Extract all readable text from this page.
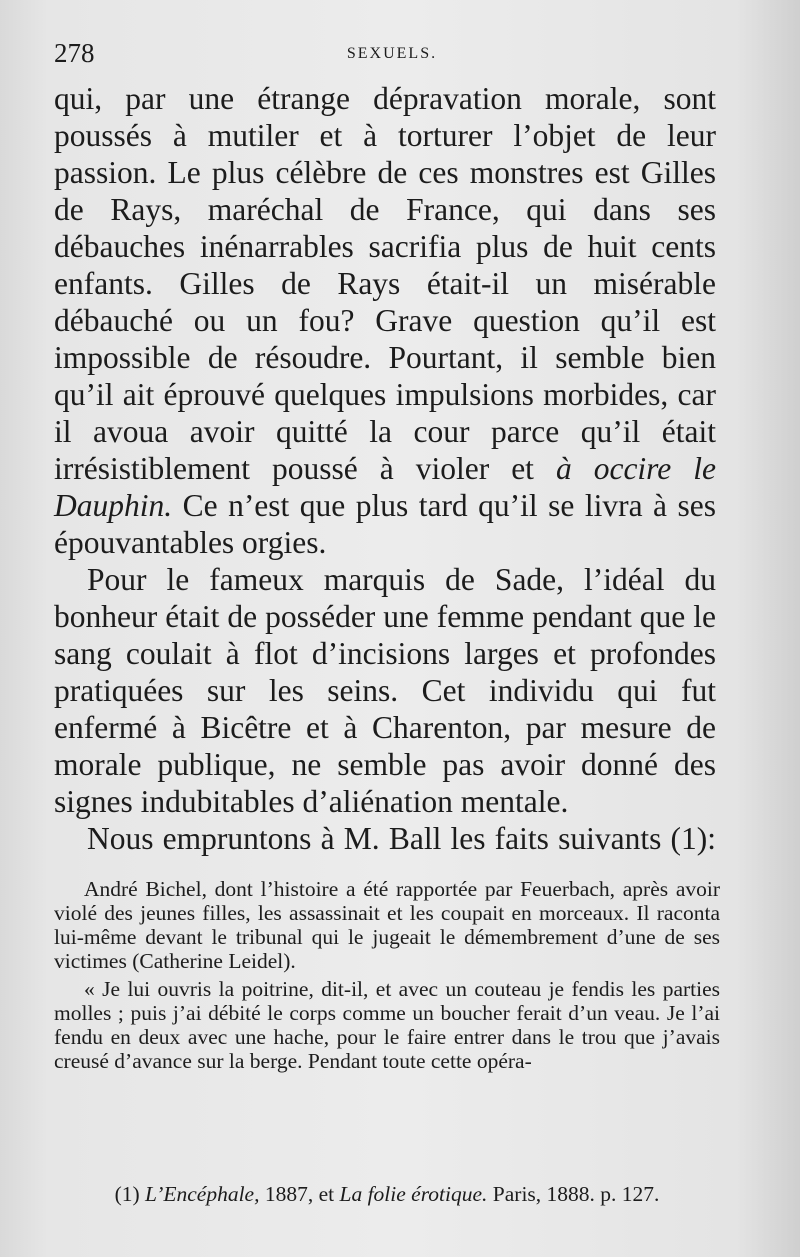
278	SEXUELS.

qui, par une étrange dépravation morale, sont poussés à mutiler et à torturer l’objet de leur passion. Le plus célèbre de ces monstres est Gilles de Rays, maréchal de France, qui dans ses débauches inénarrables sacrifia plus de huit cents enfants. Gilles de Rays était-il un misérable débauché ou un fou? Grave question qu’il est impossible de résoudre. Pourtant, il semble bien qu’il ait éprouvé quelques impulsions morbides, car il avoua avoir quitté la cour parce qu’il était irrésistiblement poussé à violer et à occire le Dauphin. Ce n’est que plus tard qu’il se livra à ses épouvantables orgies.

Pour le fameux marquis de Sade, l’idéal du bonheur était de posséder une femme pendant que le sang coulait à flot d’incisions larges et profondes pratiquées sur les seins. Cet individu qui fut enfermé à Bicêtre et à Charenton, par mesure de morale publique, ne semble pas avoir donné des signes indubitables d’aliénation mentale.

Nous empruntons à M. Ball les faits suivants (1):

André Bichel, dont l’histoire a été rapportée par Feuerbach, après avoir violé des jeunes filles, les assassinait et les coupait en morceaux. Il raconta lui-même devant le tribunal qui le jugeait le démembrement d’une de ses victimes (Catherine Leidel).

« Je lui ouvris la poitrine, dit-il, et avec un couteau je fendis les parties molles ; puis j’ai débité le corps comme un boucher ferait d’un veau. Je l’ai fendu en deux avec une hache, pour le faire entrer dans le trou que j’avais creusé d’avance sur la berge. Pendant toute cette opéra-

(1) L’Encéphale, 1887, et La folie érotique. Paris, 1888. p. 127.
